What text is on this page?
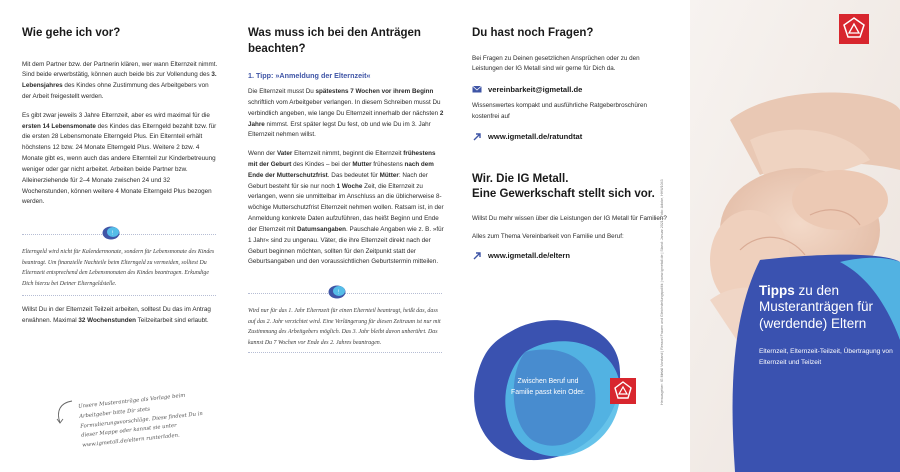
Wie gehe ich vor?

Mit dem Partner bzw. der Partnerin klären, wer wann Elternzeit nimmt. Sind beide erwerbstätig, können auch beide bis zur Vollendung des 3. Lebensjahres des Kindes ohne Zustimmung des Arbeitgebers von der Arbeit freigestellt werden.

Es gibt zwar jeweils 3 Jahre Elternzeit, aber es wird maximal für die ersten 14 Lebensmonate des Kindes das Elterngeld bezahlt bzw. für die ersten 28 Lebensmonate Elterngeld Plus. Ein Elternteil erhält höchstens 12 bzw. 24 Monate Elterngeld Plus. Weitere 2 bzw. 4 Monate gibt es, wenn auch das andere Elternteil zur Kinderbetreuung weniger oder gar nicht arbeitet. Arbeiten beide Partner bzw. Alleinerziehende für 2–4 Monate zwischen 24 und 32 Wochenstunden, können weitere 4 Monate Elterngeld Plus bezogen werden.

!

Elterngeld wird nicht für Kalendermonate, sondern für Lebensmonate des Kindes beantragt. Um finanzielle Nachteile beim Elterngeld zu vermeiden, solltest Du Elternzeit entsprechend den Lebensmonaten des Kindes beantragen. Erkundige Dich hierzu bei Deiner Elterngeldstelle.

Willst Du in der Elternzeit Teilzeit arbeiten, solltest Du das im Antrag erwähnen. Maximal 32 Wochenstunden Teilzeitarbeit sind erlaubt.

Unsere Musteranträge als Vorlage beim Arbeitgeber bitte Dir stets Formulierungsvorschläge. Diese findest Du in dieser Mappe oder kannst sie unter www.igmetall.de/eltern runterladen.

Was muss ich bei den Anträgen beachten?

1. Tipp: »Anmeldung der Elternzeit«

Die Elternzeit musst Du spätestens 7 Wochen vor ihrem Beginn schriftlich vom Arbeitgeber verlangen. In diesem Schreiben musst Du verbindlich angeben, wie lange Du Elternzeit innerhalb der nächsten 2 Jahre nimmst. Erst später legst Du fest, ob und wie Du im 3. Jahr Elternzeit nehmen willst.

Wenn der Vater Elternzeit nimmt, beginnt die Elternzeit frühestens mit der Geburt des Kindes – bei der Mutter frühestens nach dem Ende der Mutterschutzfrist. Das bedeutet für Mütter: Nach der Geburt besteht für sie nur noch 1 Woche Zeit, die Elternzeit zu verlangen, wenn sie unmittelbar im Anschluss an die üblicherweise 8-wöchige Mutterschutzfrist Elternzeit nehmen wollen. Ratsam ist, in der Anmeldung konkrete Daten aufzuführen, das heißt Beginn und Ende der Elternzeit mit Datumsangaben. Pauschale Angaben wie z. B. »für 1 Jahr« sind zu ungenau. Väter, die ihre Elternzeit direkt nach der Geburt beginnen möchten, sollten für den Zeitpunkt statt der Geburtsangaben und den voraussichtlichen Geburtstermin mitteilen.

!

Wird nur für das 1. Jahr Elternzeit für einen Elternteil beantragt, heißt das, dass auf das 2. Jahr verzichtet wird. Eine Verlängerung für diesen Zeitraum ist nur mit Zustimmung des Arbeitgebers möglich. Das 3. Jahr bleibt davon unberührt. Das kannst Du 7 Wochen vor Ende des 2. Jahres beantragen.

Du hast noch Fragen?

Bei Fragen zu Deinen gesetzlichen Ansprüchen oder zu den Leistungen der IG Metall sind wir gerne für Dich da.

vereinbarkeit@igmetall.de

Wissenswertes kompakt und ausführliche Ratgeberbroschüren kostenfrei auf

www.igmetall.de/ratundtat
Wir. Die IG Metall.
Eine Gewerkschaft stellt sich vor.

Willst Du mehr wissen über die Leistungen der IG Metall für Familien?

Alles zum Thema Vereinbarkeit von Familie und Beruf:

www.igmetall.de/eltern

Zwischen Beruf und Familie passt kein Oder.	Herausgeber: IG Metall Vorstand | Ressort Frauen und Gleichstellungspolitik | www.igmetall.de | Stand: Januar 2021 | Foto: Adobe, HHW1043	Tipps zu den Musteranträgen für (werdende) Eltern

Elternzeit, Elternzeit-Teilzeit, Übertragung von Elternzeit und Teilzeit
